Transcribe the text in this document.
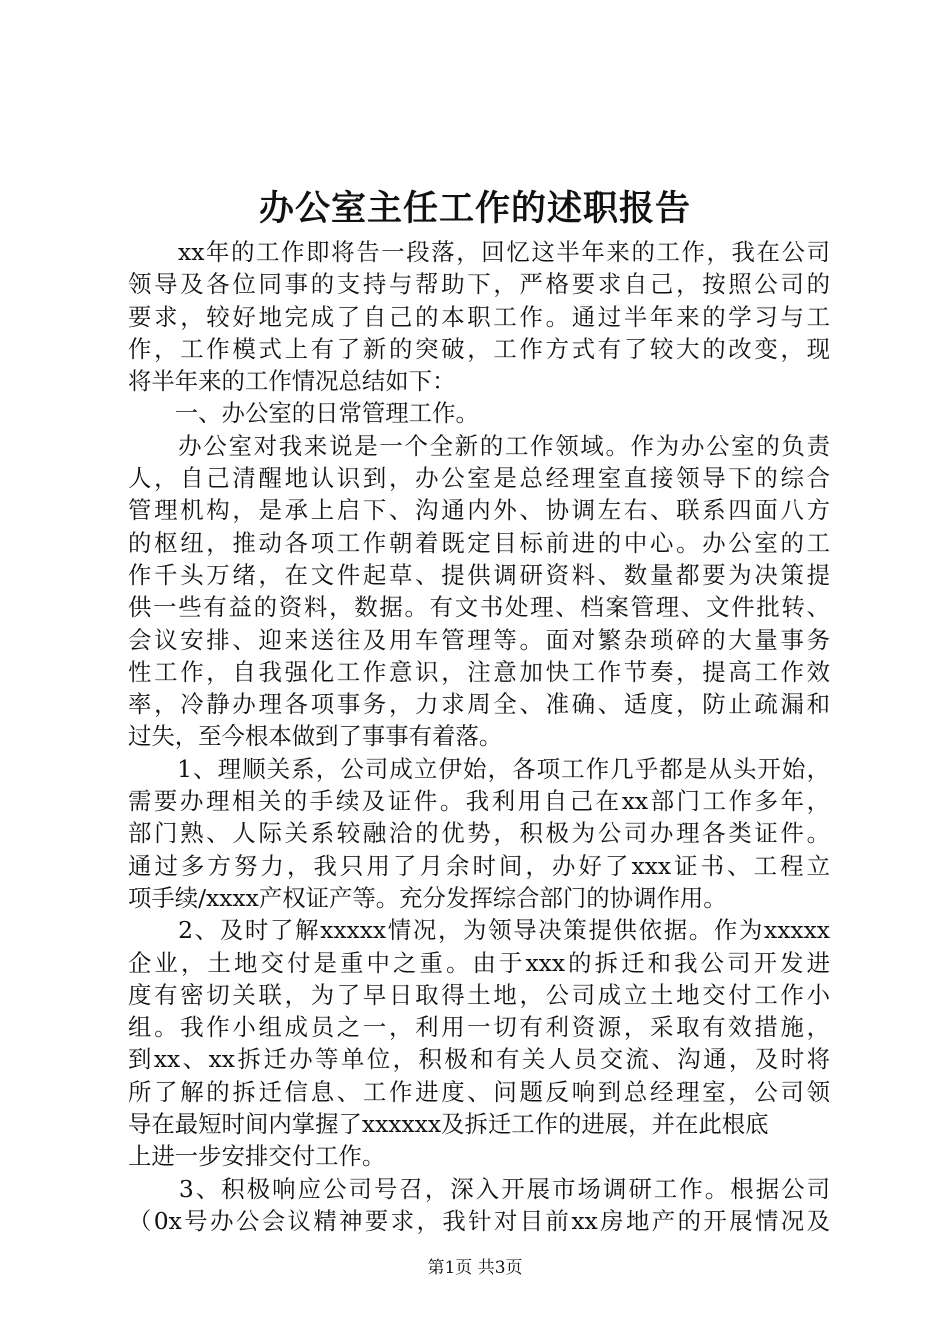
办公室主任工作的述职报告
　　xx年的工作即将告一段落，回忆这半年来的工作，我在公司
领导及各位同事的支持与帮助下，严格要求自己，按照公司的
要求，较好地完成了自己的本职工作。通过半年来的学习与工
作，工作模式上有了新的突破，工作方式有了较大的改变，现
将半年来的工作情况总结如下：
　　一、办公室的日常管理工作。
　　办公室对我来说是一个全新的工作领域。作为办公室的负责
人，自己清醒地认识到，办公室是总经理室直接领导下的综合
管理机构，是承上启下、沟通内外、协调左右、联系四面八方
的枢纽，推动各项工作朝着既定目标前进的中心。办公室的工
作千头万绪，在文件起草、提供调研资料、数量都要为决策提
供一些有益的资料，数据。有文书处理、档案管理、文件批转、
会议安排、迎来送往及用车管理等。面对繁杂琐碎的大量事务
性工作，自我强化工作意识，注意加快工作节奏，提高工作效
率，冷静办理各项事务，力求周全、准确、适度，防止疏漏和
过失，至今根本做到了事事有着落。
　　1、理顺关系，公司成立伊始，各项工作几乎都是从头开始，
需要办理相关的手续及证件。我利用自己在xx部门工作多年，
部门熟、人际关系较融洽的优势，积极为公司办理各类证件。
通过多方努力，我只用了月余时间，办好了xxx证书、工程立
项手续/xxxx产权证产等。充分发挥综合部门的协调作用。
　　2、及时了解xxxxx情况，为领导决策提供依据。作为xxxxx
企业，土地交付是重中之重。由于xxx的拆迁和我公司开发进
度有密切关联，为了早日取得土地，公司成立土地交付工作小
组。我作小组成员之一，利用一切有利资源，采取有效措施，
到xx、xx拆迁办等单位，积极和有关人员交流、沟通，及时将
所了解的拆迁信息、工作进度、问题反响到总经理室，公司领
导在最短时间内掌握了xxxxxx及拆迁工作的进展，并在此根底
上进一步安排交付工作。
　　3、积极响应公司号召，深入开展市场调研工作。根据公司
（0x号办公会议精神要求，我针对目前xx房地产的开展情况及
第1页 共3页
